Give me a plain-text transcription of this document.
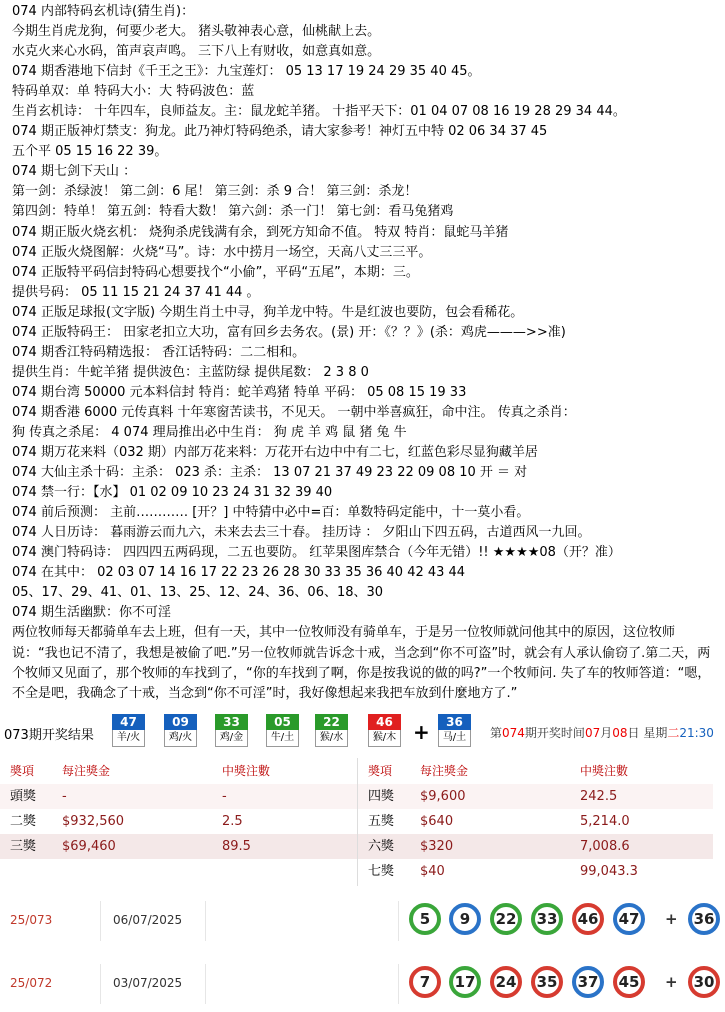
074 内部特码玄机诗(猜生肖)：
今期生肖虎龙狗，何要少老大。 猪头敬神表心意，仙桃献上去。
水克火来心水码，笛声哀声鸣。 三下八上有财收，如意真如意。
074 期香港地下信封《千王之王》：九宝莲灯： 05 13 17 19 24 29 35 40 45。
特码单双：单 特码大小：大 特码波色：蓝
生肖玄机诗： 十年四车，良师益友。主：鼠龙蛇羊猪。 十指平天下：01 04 07 08 16 19 28 29 34 44。
074 期正版神灯禁支：狗龙。此乃神灯特码绝杀，请大家参考！神灯五中特 02 06 34 37 45
五个平 05 15 16 22 39。
074 期七剑下天山 ：
第一剑：杀绿波！ 第二剑：6 尾！ 第三剑：杀 9 合！ 第三剑：杀龙！
第四剑：特单！ 第五剑：特看大数！ 第六剑：杀一门！ 第七剑：看马兔猪鸡
074 期正版火烧玄机： 烧狗杀虎钱满有余，到死方知命不值。 特双 特肖：鼠蛇马羊猪
074 正版火烧图解：火烧“马”。诗：水中捞月一场空，天高八丈三三平。
074 正版特平码信封特码心想要找个“小偷”，平码“五尾”，本期：三。
提供号码： 05 11 15 21 24 37 41 44 。
074 正版足球报(文字版) 今期生肖土中寻，狗羊龙中特。牛是红波也要防，包会看稀花。
074 正版特码王： 田家老扣立大功，富有回乡去务农。(景) 开：《？？》(杀：鸡虎———>>准)
074 期香江特码精选报： 香江话特码：二二相和。
提供生肖：牛蛇羊猪 提供波色：主蓝防绿 提供尾数： 2 3 8 0
074 期台湾 50000 元本料信封 特肖：蛇羊鸡猪 特单 平码： 05 08 15 19 33
074 期香港 6000 元传真料 十年寒窗苦读书，不见天。 一朝中举喜疯狂，命中注。 传真之杀肖：
狗 传真之杀尾： 4 074 理局推出必中生肖： 狗 虎 羊 鸡 鼠 猪 兔 牛
074 期万花来料（032 期）内部万花来料：万花开右边中中有二七，红蓝色彩尽显狗藏羊居
074 大仙主杀十码：主杀： 023 杀：主杀： 13 07 21 37 49 23 22 09 08 10 开 ＝ 对
074 禁一行：【水】 01 02 09 10 23 24 31 32 39 40
074 前后预测： 主前………… [开？] 中特猜中必中=百：单数特码定能中，十一莫小看。
074 人日历诗： 暮雨游云而九六，未来去去三十春。 挂历诗 ： 夕阳山下四五码，古道西风一九回。
074 澳门特码诗： 四四四五两码现，二五也要防。 红苹果图库禁合（今年无错）!! ★★★★08（开？准）
074 在其中： 02 03 07 14 16 17 22 23 26 28 30 33 35 36 40 42 43 44
05、17、29、41、01、13、25、12、24、36、06、18、30
074 期生活幽默：你不可淫
两位牧师每天都骑单车去上班，但有一天，其中一位牧师没有骑单车，于是另一位牧师就问他其中的原因，这位牧师说：“我也记不清了，我想是被偷了吧.”另一位牧师就告诉念十戒，当念到“你不可盗”时，就会有人承认偷窃了.第二天，两个牧师又见面了，那个牧师的车找到了，“你的车找到了啊，你是按我说的做的吗?”一个牧师问. 失了车的牧师答道：“嗯，不全是吧，我确念了十戒，当念到“你不可淫”时，我好像想起来我把车放到什麼地方了.”
073期开奖结果
47
羊/火
09
鸡/火
33
鸡/金
05
牛/土
22
猴/水
46
猴/木 +	36
马/土	第074期开奖时间07月08日 星期二21:30
奬項 每注獎金	中獎注數	奬項 每注獎金	中獎注數
頭獎 -	-	四獎 $9,600	242.5
二獎 $932,560	2.5	五獎 $640	5,214.0
三獎 $69,460	89.5	六獎 $320	7,008.6
七獎 $40	99,043.3
25/073	06/07/2025	5	9	22	33	46	47	+	36
25/072	03/07/2025	7	17	24	35	37	45	+	30
